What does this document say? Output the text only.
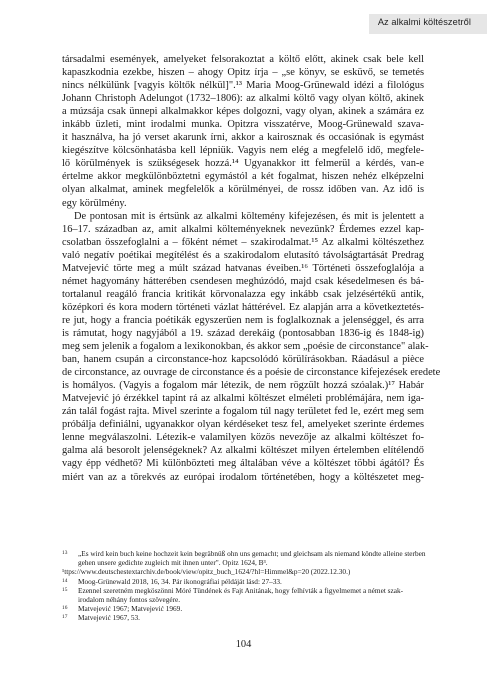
Az alkalmi költészetről
társadalmi események, amelyeket felsorakoztat a költő előtt, akinek csak bele kell
kapaszkodnia ezekbe, hiszen – ahogy Opitz írja – „se könyv, se esküvő, se temetés
nincs nélkülünk [vagyis költők nélkül]".¹³ Maria Moog-Grünewald idézi a filológus
Johann Christoph Adelungot (1732–1806): az alkalmi költő vagy olyan költő, akinek
a múzsája csak ünnepi alkalmakkor képes dolgozni, vagy olyan, akinek a számára ez
inkább üzleti, mint irodalmi munka. Opitzra visszatérve, Moog-Grünewald szava-
it használva, ha jó verset akarunk írni, akkor a kairosznak és occasiónak is egymást
kiegészítve kölcsönhatásba kell lépniük. Vagyis nem elég a megfelelő idő, megfele-
lő körülmények is szükségesek hozzá.¹⁴ Ugyanakkor itt felmerül a kérdés, van-e
értelme akkor megkülönböztetni egymástól a két fogalmat, hiszen nehéz elképzelni
olyan alkalmat, aminek megfelelők a körülményei, de rossz időben van. Az idő is
egy körülmény.
De pontosan mit is értsünk az alkalmi költemény kifejezésen, és mit is jelentett a
16–17. században az, amit alkalmi költeményeknek nevezünk? Érdemes ezzel kap-
csolatban összefoglalni a – főként német – szakirodalmat.¹⁵ Az alkalmi költészethez
való negatív poétikai megítélést és a szakirodalom elutasító távolságtartását Predrag
Matvejević törte meg a múlt század hatvanas éveiben.¹⁶ Történeti összefoglalója a
német hagyomány hátterében csendesen meghúzódó, majd csak késedelmesen és bá-
tortalanul reagáló francia kritikát körvonalazza egy inkább csak jelzésértékű antik,
középkori és kora modern történeti vázlat háttérével. Ez alapján arra a következtetés-
re jut, hogy a francia poétikák egyszerűen nem is foglalkoznak a jelenséggel, és arra
is rámutat, hogy nagyjából a 19. század derekáig (pontosabban 1836-ig és 1848-ig)
meg sem jelenik a fogalom a lexikonokban, és akkor sem „poésie de circonstance" alak-
ban, hanem csupán a circonstance-hoz kapcsolódó körülírásokban. Ráadásul a pièce
de circonstance, az ouvrage de circonstance és a poésie de circonstance kifejezések eredete
is homályos. (Vagyis a fogalom már létezik, de nem rögzült hozzá szóalak.)¹⁷ Habár
Matvejević jó érzékkel tapint rá az alkalmi költészet elméleti problémájára, nem iga-
zán talál fogást rajta. Mivel szerinte a fogalom túl nagy területet fed le, ezért meg sem
próbálja definiálni, ugyanakkor olyan kérdéseket tesz fel, amelyeket szerinte érdemes
lenne megválaszolni. Létezik-e valamilyen közös nevezője az alkalmi költészet fo-
galma alá besorolt jelenségeknek? Az alkalmi költészet milyen értelemben elítélendő
vagy épp védhető? Mi különbözteti meg általában véve a költészet többi ágától? És
miért van az a törekvés az európai irodalom történetében, hogy a költészetet meg-
13	„Es wird kein buch keine hochzeit kein begräbnüß ohn uns gemacht; und gleichsam als niemand köndte alleine sterben
gehen unsere gedichte zugleich mit ihnen unter". Opitz 1624, B³.
¹ttps://www.deutschestextarchiv.de/book/view/opitz_buch_1624/?hl=Himmel&p=20 (2022.12.30.)
14	Moog-Grünewald 2018, 16, 34. Pár ikonográfiai példáját lásd: 27–33.
15	Ezennel szeretném megköszönni Móré Tündének és Fajt Anitának, hogy felhívták a figyelmemet a német szak-
irodalom néhány fontos szövegére.
16	Matvejević 1967; Matvejević 1969.
17	Matvejević 1967, 53.
104
